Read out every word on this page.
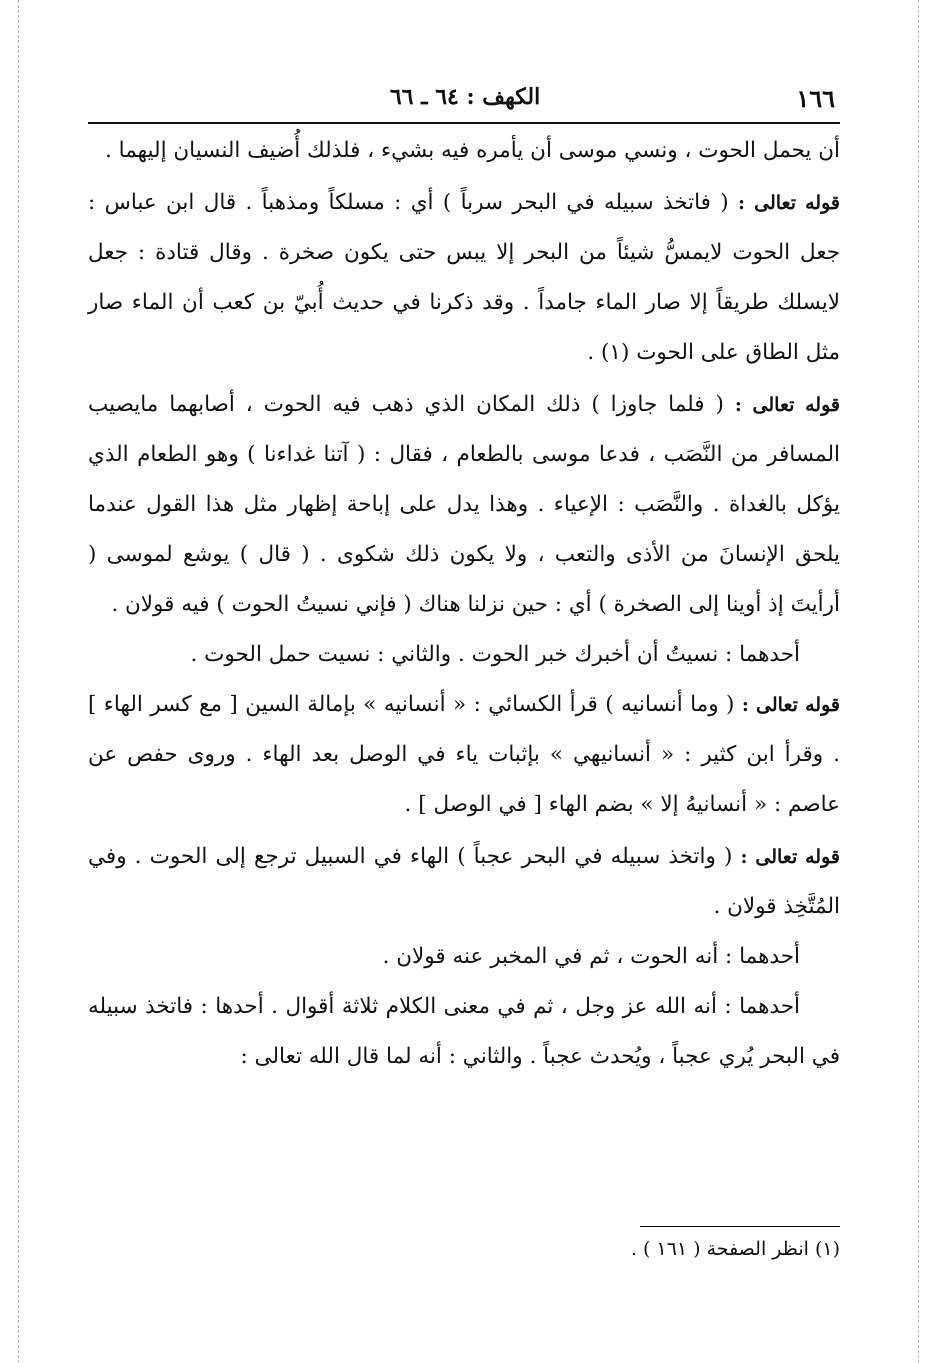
١٦٦
الكهف : ٦٤ ـ ٦٦

أن يحمل الحوت ، ونسي موسى أن يأمره فيه بشيء ، فلذلك أُضيف النسيان إليهما .

قوله تعالى : ( فاتخذ سبيله في البحر سرباً ) أي : مسلكاً ومذهباً . قال ابن عباس : جعل الحوت لايمسُّ شيئاً من البحر إلا يبس حتى يكون صخرة . وقال قتادة : جعل لايسلك طريقاً إلا صار الماء جامداً . وقد ذكرنا في حديث أُبيّ بن كعب أن الماء صار مثل الطاق على الحوت (١) .

قوله تعالى : ( فلما جاوزا ) ذلك المكان الذي ذهب فيه الحوت ، أصابهما مايصيب المسافر من النَّصَب ، فدعا موسى بالطعام ، فقال : ( آتنا غداءنا ) وهو الطعام الذي يؤكل بالغداة . والنَّصَب : الإعياء . وهذا يدل على إباحة إظهار مثل هذا القول عندما يلحق الإنسانَ من الأذى والتعب ، ولا يكون ذلك شكوى . ( قال ) يوشع لموسى ( أرأيتَ إذ أوينا إلى الصخرة ) أي : حين نزلنا هناك ( فإني نسيتُ الحوت ) فيه قولان .

أحدهما : نسيتُ أن أخبرك خبر الحوت . والثاني : نسيت حمل الحوت .

قوله تعالى : ( وما أنسانيه ) قرأ الكسائي : « أنسانيه » بإمالة السين [ مع كسر الهاء ] . وقرأ ابن كثير : « أنسانيهي » بإثبات ياء في الوصل بعد الهاء . وروى حفص عن عاصم : « أنسانيهُ إلا » بضم الهاء [ في الوصل ] .

قوله تعالى : ( واتخذ سبيله في البحر عجباً ) الهاء في السبيل ترجع إلى الحوت . وفي المُتَّخِذ قولان .

أحدهما : أنه الحوت ، ثم في المخبر عنه قولان .

أحدهما : أنه الله عز وجل ، ثم في معنى الكلام ثلاثة أقوال . أحدها : فاتخذ سبيله في البحر يُري عجباً ، ويُحدث عجباً . والثاني : أنه لما قال الله تعالى :

(١) انظر الصفحة ( ١٦١ ) .
